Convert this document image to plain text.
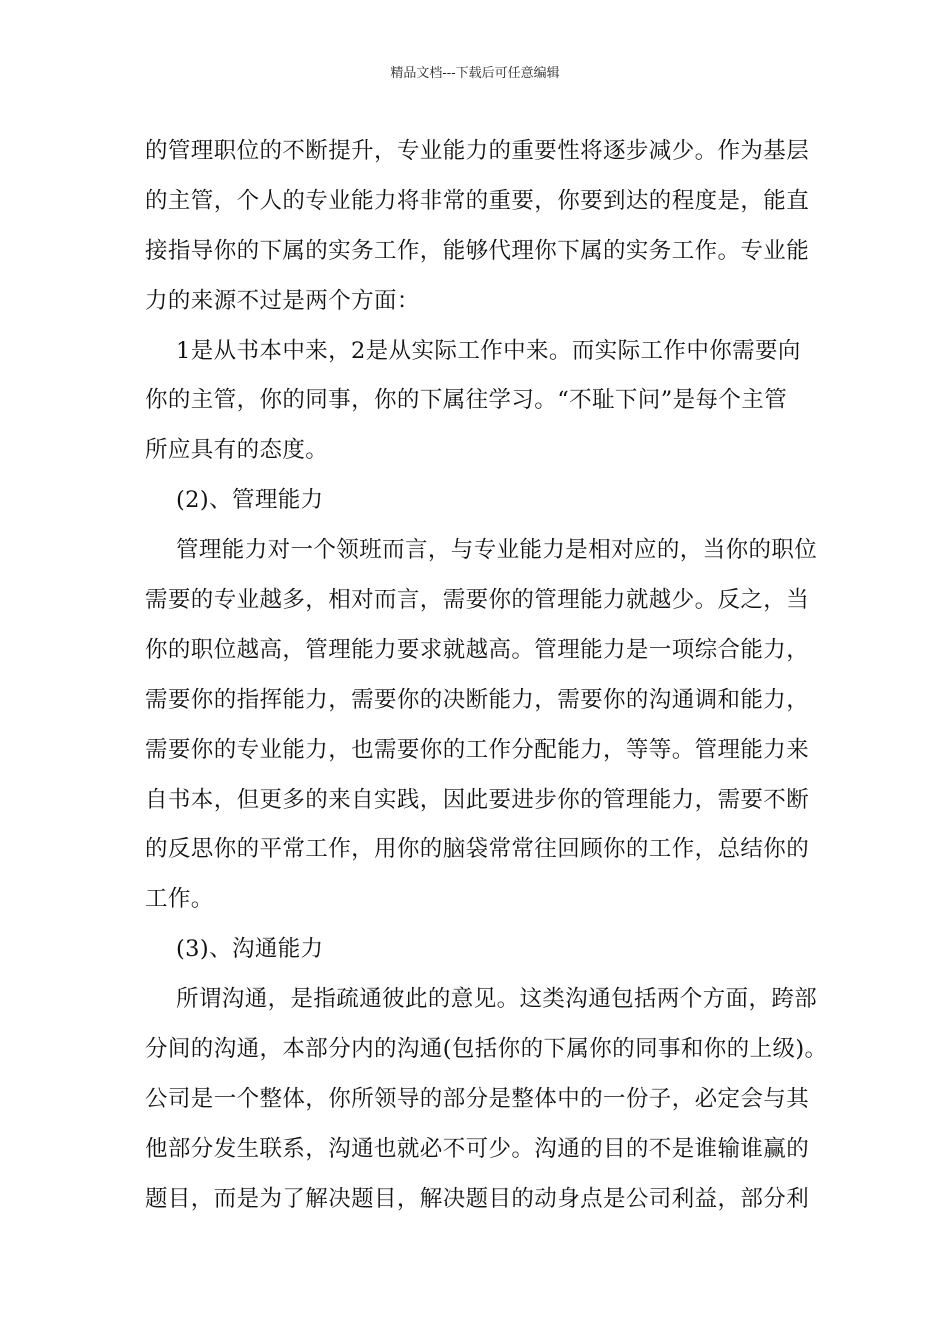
精品文档---下载后可任意编辑
的管理职位的不断提升，专业能力的重要性将逐步减少。作为基层
的主管，个人的专业能力将非常的重要，你要到达的程度是，能直
接指导你的下属的实务工作，能够代理你下属的实务工作。专业能
力的来源不过是两个方面：
1是从书本中来，2是从实际工作中来。而实际工作中你需要向
你的主管，你的同事，你的下属往学习。“不耻下问”是每个主管
所应具有的态度。
(2)、管理能力
管理能力对一个领班而言，与专业能力是相对应的，当你的职位
需要的专业越多，相对而言，需要你的管理能力就越少。反之，当
你的职位越高，管理能力要求就越高。管理能力是一项综合能力，
需要你的指挥能力，需要你的决断能力，需要你的沟通调和能力，
需要你的专业能力，也需要你的工作分配能力，等等。管理能力来
自书本，但更多的来自实践，因此要进步你的管理能力，需要不断
的反思你的平常工作，用你的脑袋常常往回顾你的工作，总结你的
工作。
(3)、沟通能力
所谓沟通，是指疏通彼此的意见。这类沟通包括两个方面，跨部
分间的沟通，本部分内的沟通(包括你的下属你的同事和你的上级)。
公司是一个整体，你所领导的部分是整体中的一份子，必定会与其
他部分发生联系，沟通也就必不可少。沟通的目的不是谁输谁赢的
题目，而是为了解决题目，解决题目的动身点是公司利益，部分利
